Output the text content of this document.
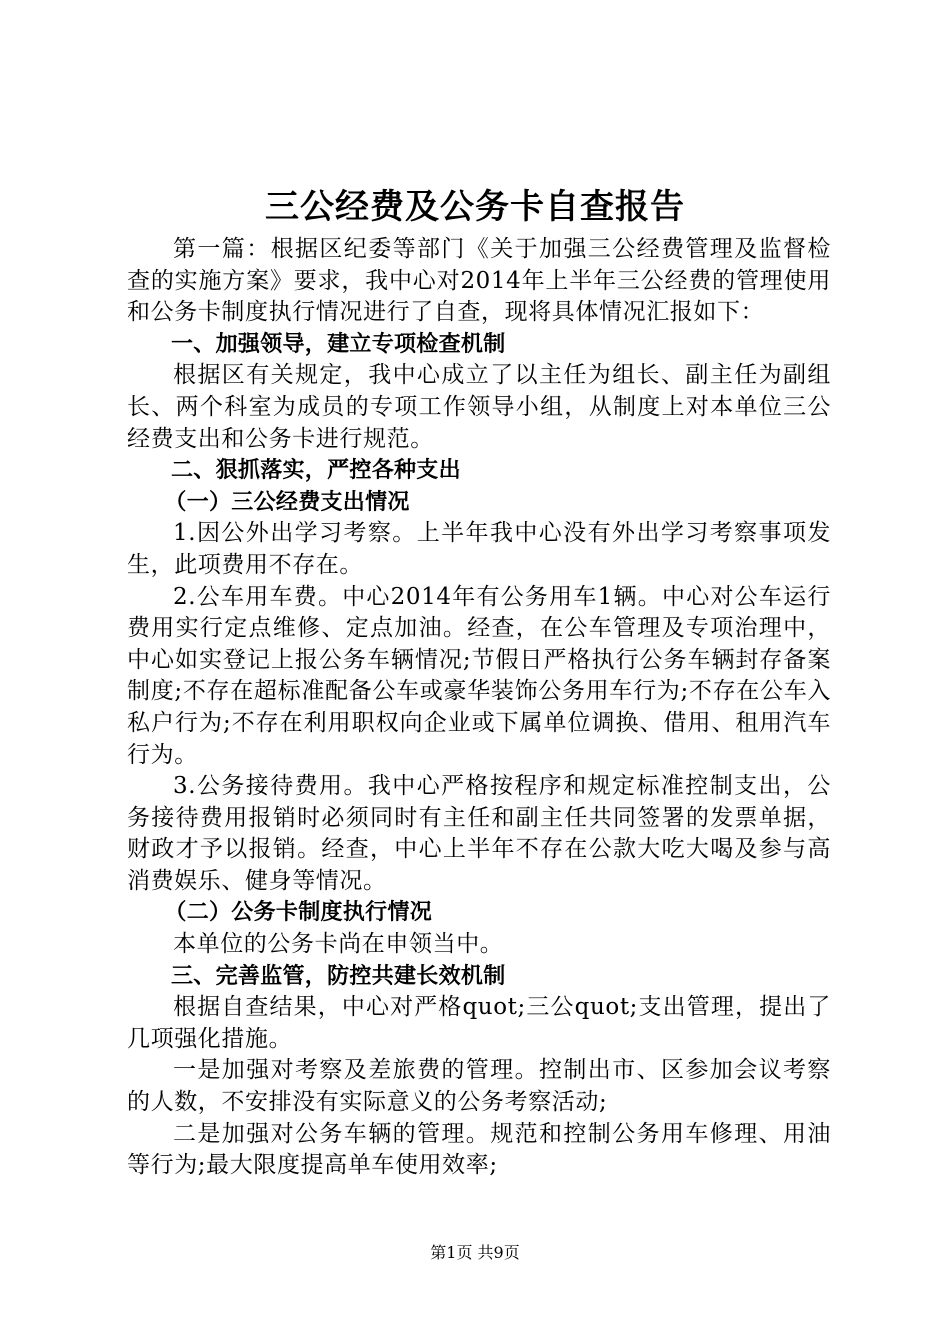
三公经费及公务卡自查报告

第一篇：根据区纪委等部门《关于加强三公经费管理及监督检查的实施方案》要求，我中心对2014年上半年三公经费的管理使用和公务卡制度执行情况进行了自查，现将具体情况汇报如下：

一、加强领导，建立专项检查机制

根据区有关规定，我中心成立了以主任为组长、副主任为副组长、两个科室为成员的专项工作领导小组，从制度上对本单位三公经费支出和公务卡进行规范。

二、狠抓落实，严控各种支出

（一）三公经费支出情况

1.因公外出学习考察。上半年我中心没有外出学习考察事项发生，此项费用不存在。

2.公车用车费。中心2014年有公务用车1辆。中心对公车运行费用实行定点维修、定点加油。经查，在公车管理及专项治理中，中心如实登记上报公务车辆情况;节假日严格执行公务车辆封存备案制度;不存在超标准配备公车或豪华装饰公务用车行为;不存在公车入私户行为;不存在利用职权向企业或下属单位调换、借用、租用汽车行为。

3.公务接待费用。我中心严格按程序和规定标准控制支出，公务接待费用报销时必须同时有主任和副主任共同签署的发票单据，财政才予以报销。经查，中心上半年不存在公款大吃大喝及参与高消费娱乐、健身等情况。

（二）公务卡制度执行情况

本单位的公务卡尚在申领当中。

三、完善监管，防控共建长效机制

根据自查结果，中心对严格quot;三公quot;支出管理，提出了几项强化措施。

一是加强对考察及差旅费的管理。控制出市、区参加会议考察的人数，不安排没有实际意义的公务考察活动;

二是加强对公务车辆的管理。规范和控制公务用车修理、用油等行为;最大限度提高单车使用效率;

第1页 共9页
